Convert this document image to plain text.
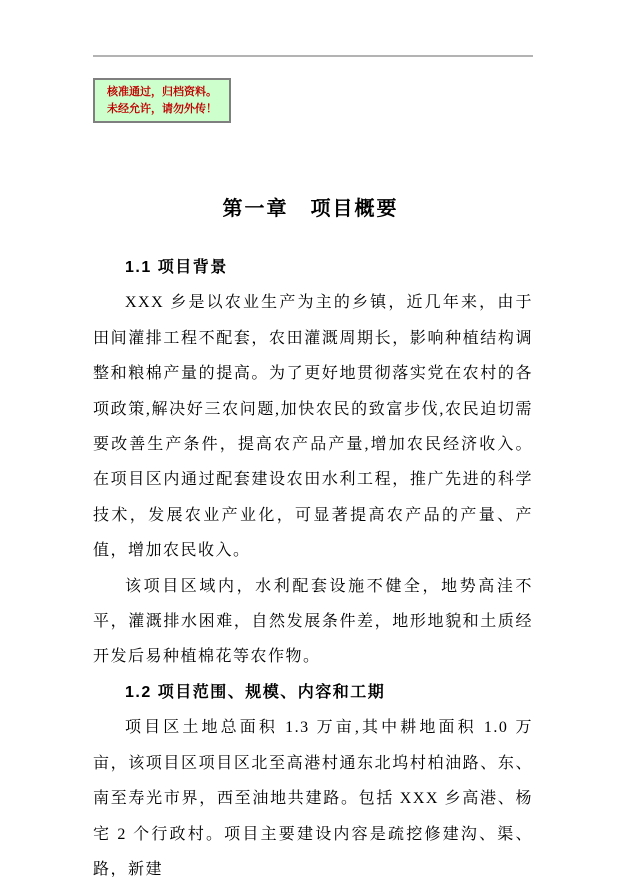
核准通过，归档资料。
未经允许，请勿外传！
第一章　项目概要
1.1 项目背景

XXX 乡是以农业生产为主的乡镇，近几年来，由于田间灌排工程不配套，农田灌溉周期长，影响种植结构调整和粮棉产量的提高。为了更好地贯彻落实党在农村的各项政策,解决好三农问题,加快农民的致富步伐,农民迫切需要改善生产条件，提高农产品产量,增加农民经济收入。在项目区内通过配套建设农田水利工程，推广先进的科学技术，发展农业产业化，可显著提高农产品的产量、产值，增加农民收入。

该项目区域内，水利配套设施不健全，地势高洼不平，灌溉排水困难，自然发展条件差，地形地貌和土质经开发后易种植棉花等农作物。

1.2 项目范围、规模、内容和工期

项目区土地总面积 1.3 万亩,其中耕地面积 1.0 万亩，该项目区项目区北至高港村通东北坞村柏油路、东、南至寿光市界，西至油地共建路。包括 XXX 乡高港、杨宅 2 个行政村。项目主要建设内容是疏挖修建沟、渠、路，新建
